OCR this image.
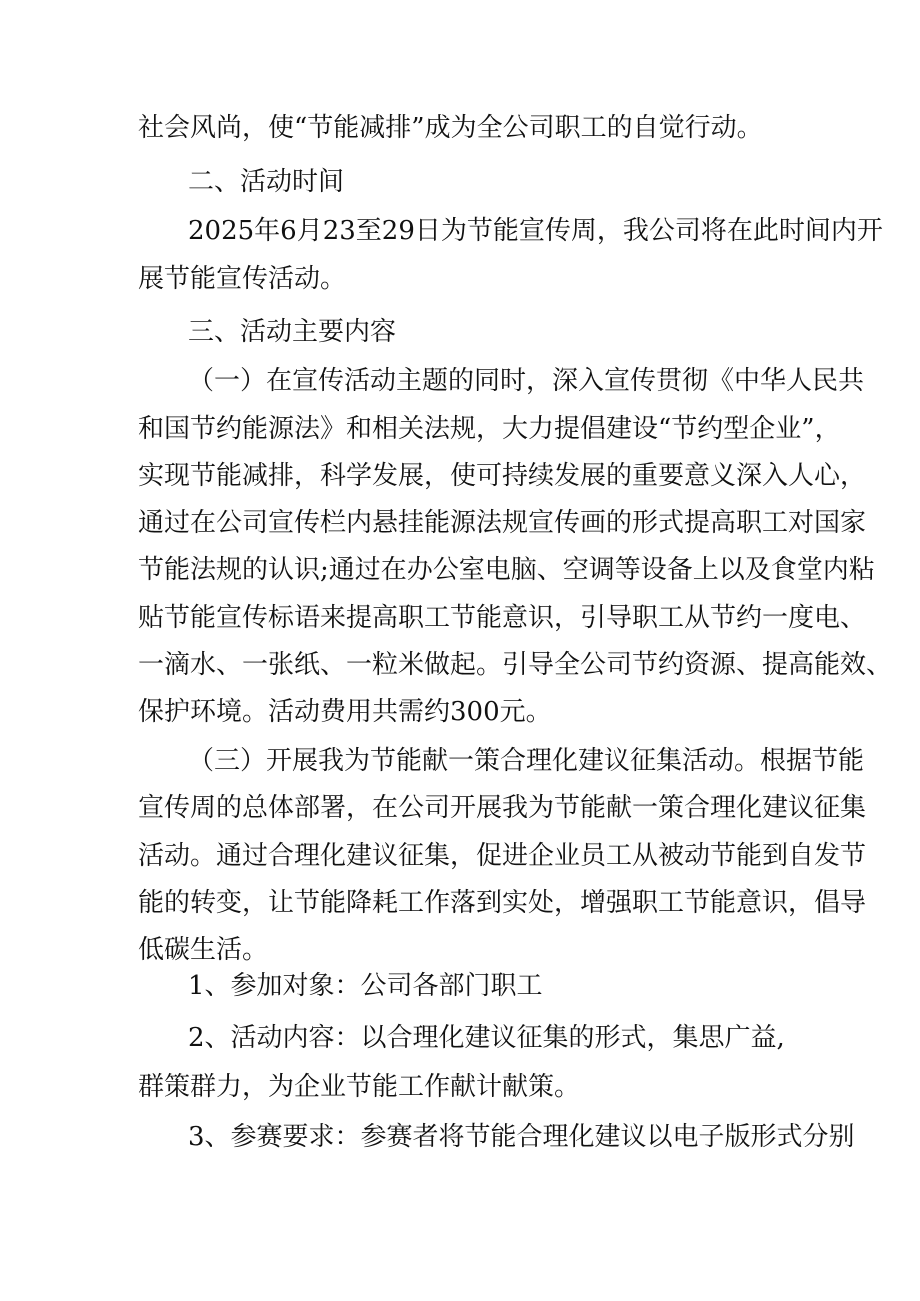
社会风尚，使“节能减排”成为全公司职工的自觉行动。
二、活动时间
2025年6月23至29日为节能宣传周，我公司将在此时间内开
展节能宣传活动。
三、活动主要内容
（一）在宣传活动主题的同时，深入宣传贯彻《中华人民共
和国节约能源法》和相关法规，大力提倡建设“节约型企业”，
实现节能减排，科学发展，使可持续发展的重要意义深入人心，
通过在公司宣传栏内悬挂能源法规宣传画的形式提高职工对国家
节能法规的认识;通过在办公室电脑、空调等设备上以及食堂内粘
贴节能宣传标语来提高职工节能意识，引导职工从节约一度电、
一滴水、一张纸、一粒米做起。引导全公司节约资源、提高能效、
保护环境。活动费用共需约300元。
（三）开展我为节能献一策合理化建议征集活动。根据节能
宣传周的总体部署，在公司开展我为节能献一策合理化建议征集
活动。通过合理化建议征集，促进企业员工从被动节能到自发节
能的转变，让节能降耗工作落到实处，增强职工节能意识，倡导
低碳生活。
1、参加对象：公司各部门职工
2、活动内容：以合理化建议征集的形式，集思广益,
群策群力，为企业节能工作献计献策。
3、参赛要求：参赛者将节能合理化建议以电子版形式分别
